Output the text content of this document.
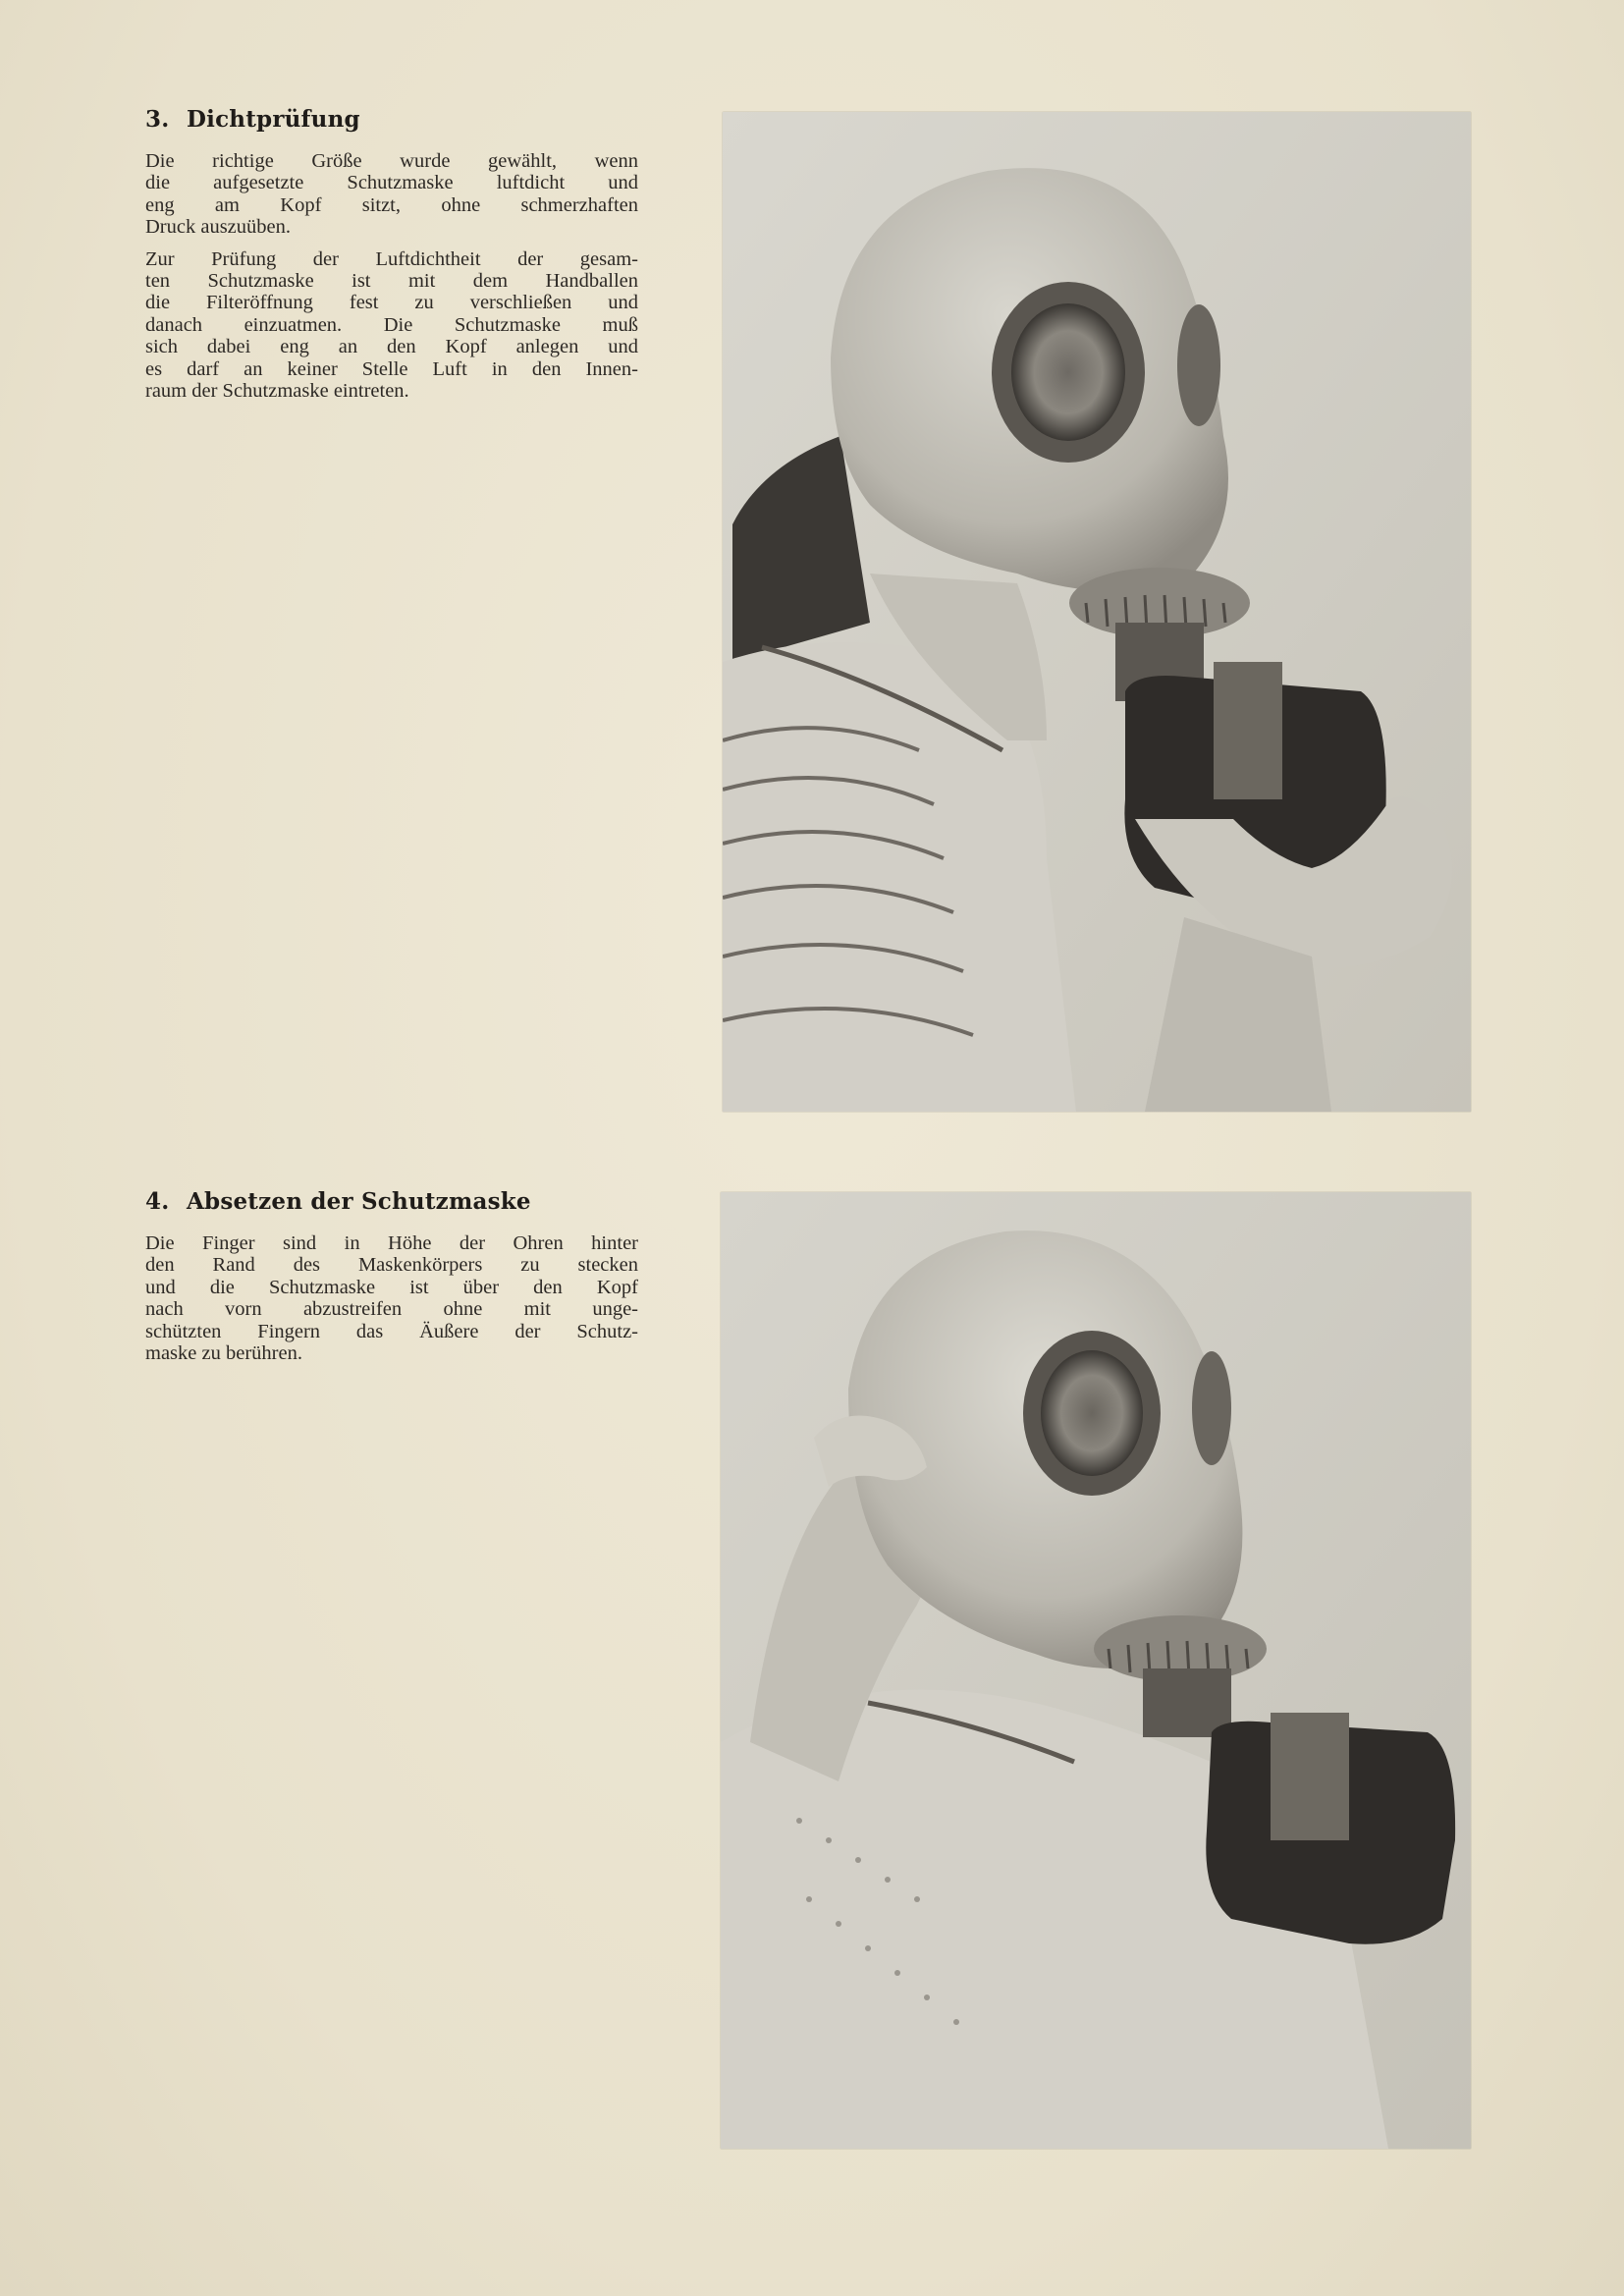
3. Dichtprüfung

Die richtige Größe wurde gewählt, wenn
die aufgesetzte Schutzmaske luftdicht und
eng am Kopf sitzt, ohne schmerzhaften
Druck auszuüben.

Zur Prüfung der Luftdichtheit der gesam-
ten Schutzmaske ist mit dem Handballen
die Filteröffnung fest zu verschließen und
danach einzuatmen. Die Schutzmaske muß
sich dabei eng an den Kopf anlegen und
es darf an keiner Stelle Luft in den Innen-
raum der Schutzmaske eintreten.

4. Absetzen der Schutzmaske

Die Finger sind in Höhe der Ohren hinter
den Rand des Maskenkörpers zu stecken
und die Schutzmaske ist über den Kopf
nach vorn abzustreifen ohne mit unge-
schützten Fingern das Äußere der Schutz-
maske zu berühren.
